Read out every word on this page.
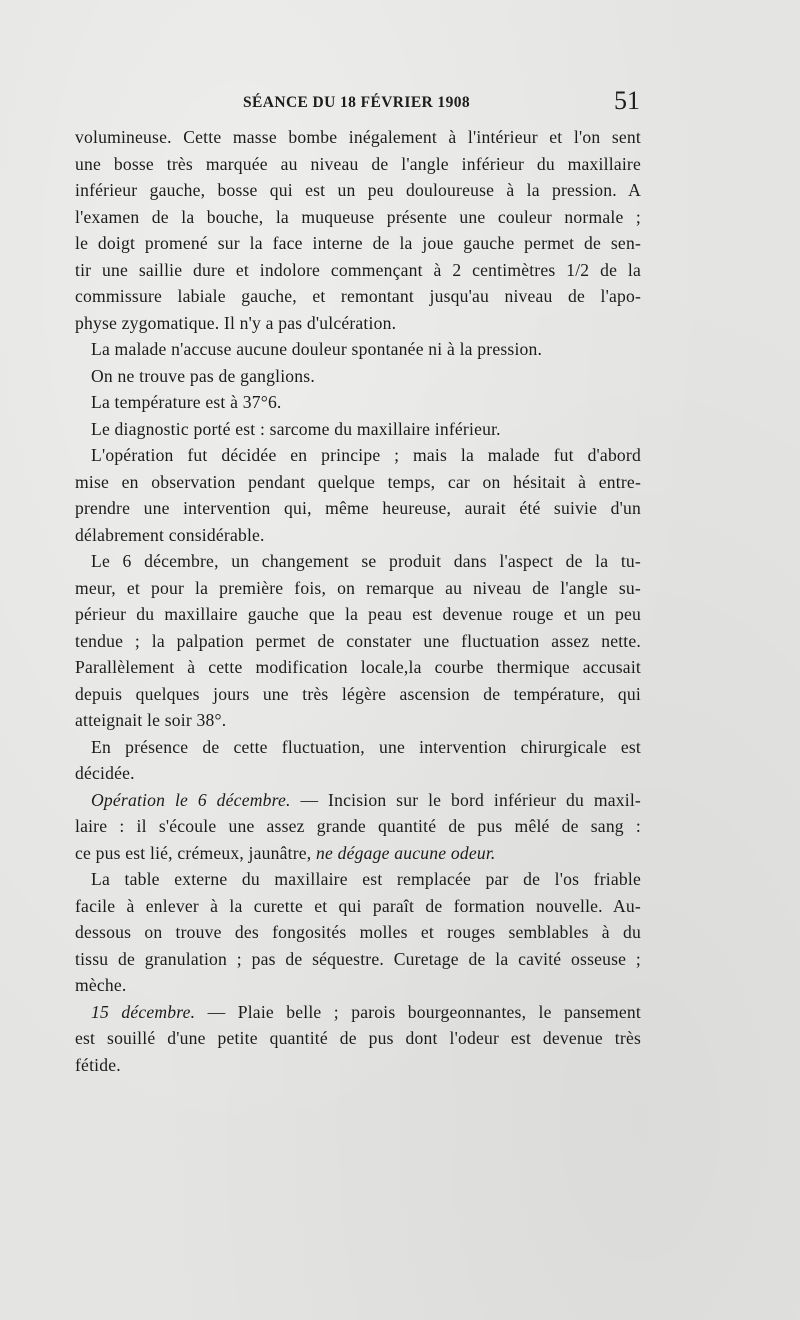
SÉANCE DU 18 FÉVRIER 1908	51
volumineuse. Cette masse bombe inégalement à l'intérieur et l'on sent
une bosse très marquée au niveau de l'angle inférieur du maxillaire
inférieur gauche, bosse qui est un peu douloureuse à la pression. A
l'examen de la bouche, la muqueuse présente une couleur normale ;
le doigt promené sur la face interne de la joue gauche permet de sen-
tir une saillie dure et indolore commençant à 2 centimètres 1/2 de la
commissure labiale gauche, et remontant jusqu'au niveau de l'apo-
physe zygomatique. Il n'y a pas d'ulcération.
La malade n'accuse aucune douleur spontanée ni à la pression.
On ne trouve pas de ganglions.
La température est à 37°6.
Le diagnostic porté est : sarcome du maxillaire inférieur.
L'opération fut décidée en principe ; mais la malade fut d'abord
mise en observation pendant quelque temps, car on hésitait à entre-
prendre une intervention qui, même heureuse, aurait été suivie d'un
délabrement considérable.
Le 6 décembre, un changement se produit dans l'aspect de la tu-
meur, et pour la première fois, on remarque au niveau de l'angle su-
périeur du maxillaire gauche que la peau est devenue rouge et un peu
tendue ; la palpation permet de constater une fluctuation assez nette.
Parallèlement à cette modification locale,la courbe thermique accusait
depuis quelques jours une très légère ascension de température, qui
atteignait le soir 38°.
En présence de cette fluctuation, une intervention chirurgicale est
décidée.
Opération le 6 décembre. — Incision sur le bord inférieur du maxil-
laire : il s'écoule une assez grande quantité de pus mêlé de sang :
ce pus est lié, crémeux, jaunâtre, ne dégage aucune odeur.
La table externe du maxillaire est remplacée par de l'os friable
facile à enlever à la curette et qui paraît de formation nouvelle. Au-
dessous on trouve des fongosités molles et rouges semblables à du
tissu de granulation ; pas de séquestre. Curetage de la cavité osseuse ;
mèche.
15 décembre. — Plaie belle ; parois bourgeonnantes, le pansement
est souillé d'une petite quantité de pus dont l'odeur est devenue très
fétide.
